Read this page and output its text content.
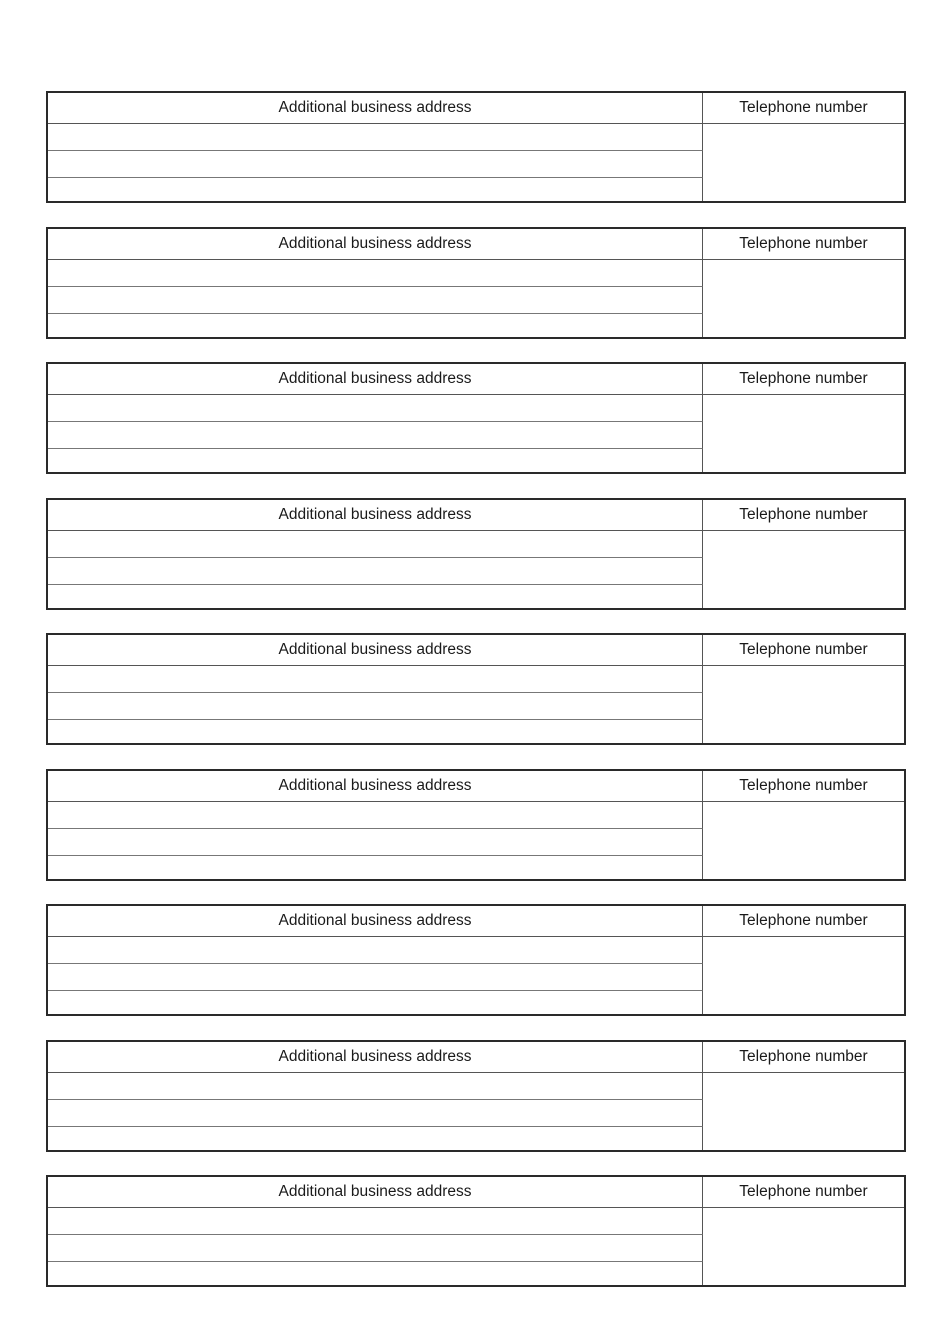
Additional business address	Telephone number
Additional business address	Telephone number
Additional business address	Telephone number
Additional business address	Telephone number
Additional business address	Telephone number
Additional business address	Telephone number
Additional business address	Telephone number
Additional business address	Telephone number
Additional business address	Telephone number
